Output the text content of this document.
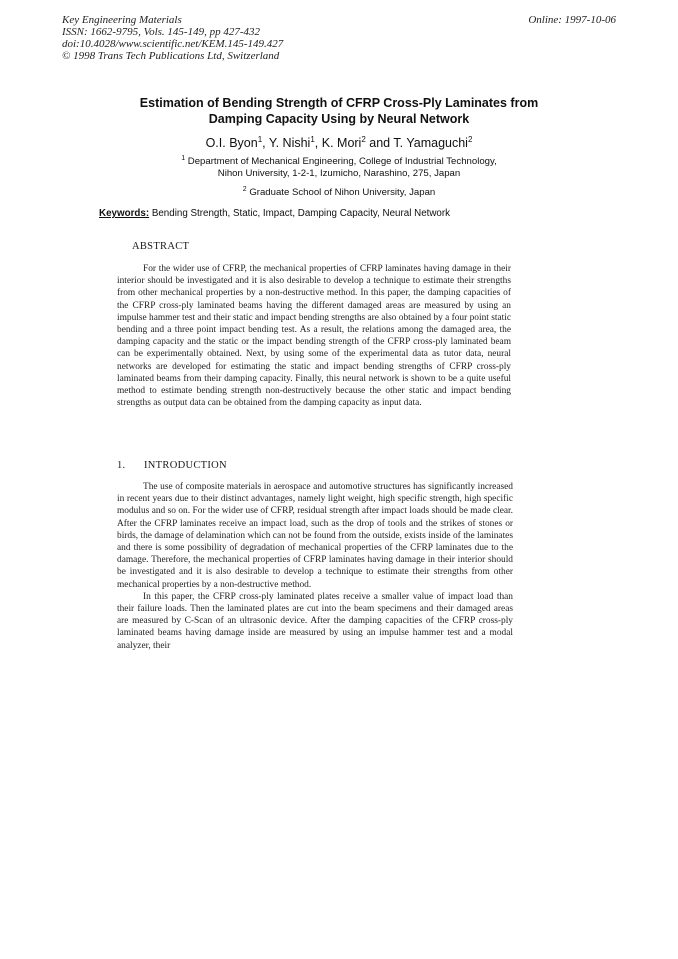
Key Engineering Materials
ISSN: 1662-9795, Vols. 145-149, pp 427-432
doi:10.4028/www.scientific.net/KEM.145-149.427
© 1998 Trans Tech Publications Ltd, Switzerland
Online: 1997-10-06
Estimation of Bending Strength of CFRP Cross-Ply Laminates from
Damping Capacity Using by Neural Network
O.I. Byon$^1$, Y. Nishi$^1$, K. Mori$^2$ and T. Yamaguchi$^2$
$^1$ Department of Mechanical Engineering, College of Industrial Technology,
Nihon University, 1-2-1, Izumicho, Narashino, 275, Japan
$^2$ Graduate School of Nihon University, Japan
Keywords: Bending Strength, Static, Impact, Damping Capacity, Neural Network
ABSTRACT

For the wider use of CFRP, the mechanical properties of CFRP laminates having damage in their interior should be investigated and it is also desirable to develop a technique to estimate their strengths from other mechanical properties by a non-destructive method. In this paper, the damping capacities of the CFRP cross-ply laminated beams having the different damaged areas are measured by using an impulse hammer test and their static and impact bending strengths are also obtained by a four point static bending and a three point impact bending test. As a result, the relations among the damaged area, the damping capacity and the static or the impact bending strength of the CFRP cross-ply laminated beam can be experimentally obtained. Next, by using some of the experimental data as tutor data, neural networks are developed for estimating the static and impact bending strengths of CFRP cross-ply laminated beams from their damping capacity. Finally, this neural network is shown to be a quite useful method to estimate bending strength non-destructively because the other static and impact bending strengths as output data can be obtained from the damping capacity as input data.

1. INTRODUCTION

The use of composite materials in aerospace and automotive structures has significantly increased in recent years due to their distinct advantages, namely light weight, high specific strength, high specific modulus and so on. For the wider use of CFRP, residual strength after impact loads should be made clear. After the CFRP laminates receive an impact load, such as the drop of tools and the strikes of stones or birds, the damage of delamination which can not be found from the outside, exists inside of the laminates and there is some possibility of degradation of mechanical properties of the CFRP laminates due to the damage. Therefore, the mechanical properties of CFRP laminates having damage in their interior should be investigated and it is also desirable to develop a technique to estimate their strengths from other mechanical properties by a non-destructive method.

In this paper, the CFRP cross-ply laminated plates receive a smaller value of impact load than their failure loads. Then the laminated plates are cut into the beam specimens and their damaged areas are measured by C-Scan of an ultrasonic device. After the damping capacities of the CFRP cross-ply laminated beams having damage inside are measured by using an impulse hammer test and a modal analyzer, their
